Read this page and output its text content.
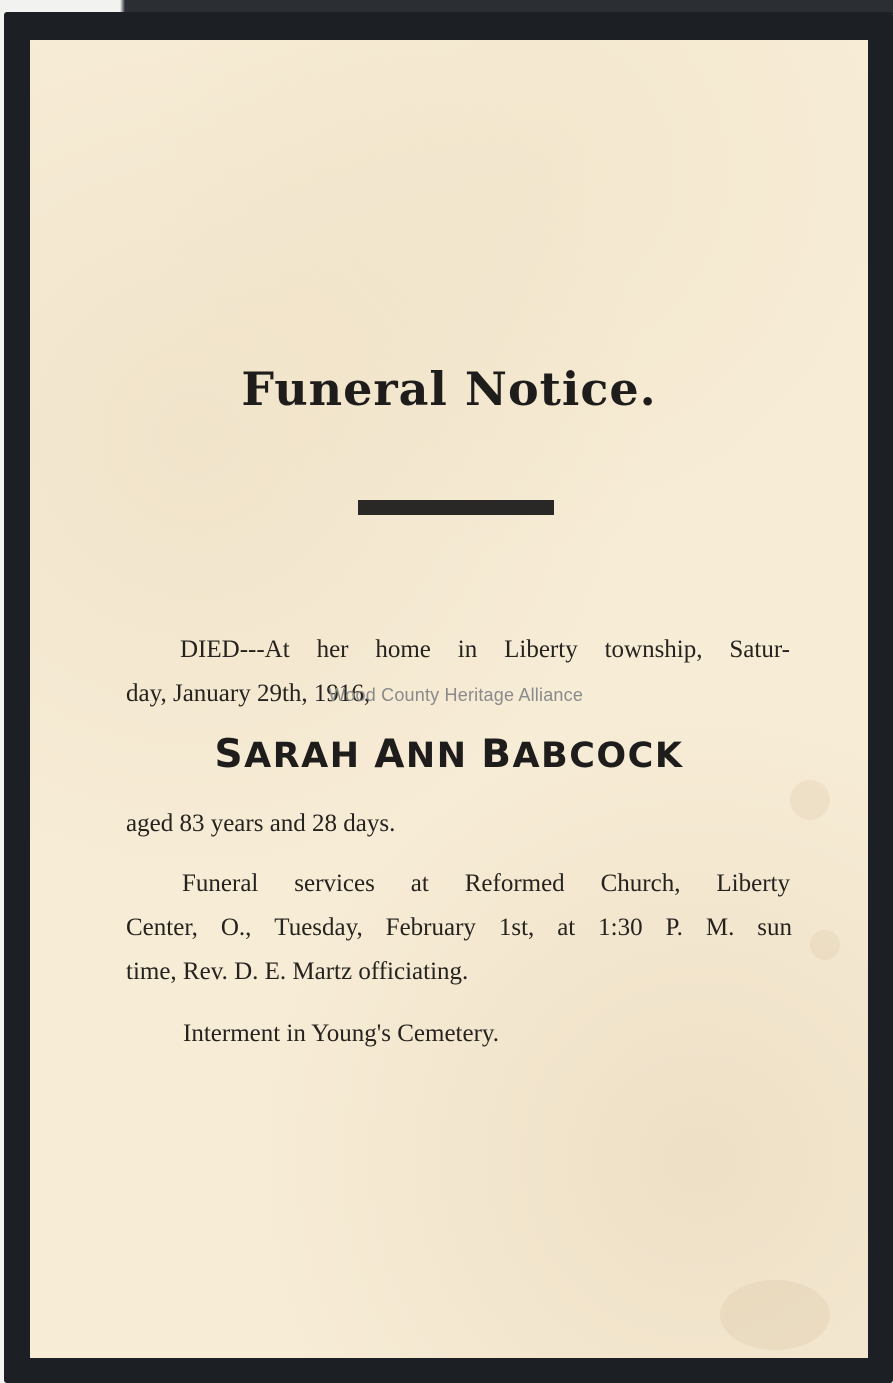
Funeral Notice.
DIED---At her home in Liberty township, Satur-
day, January 29th, 1916, Wood County Heritage Alliance
SARAH ANN BABCOCK
aged 83 years and 28 days.
Funeral services at Reformed Church, Liberty
Center, O., Tuesday, February 1st, at 1:30 P. M. sun
time, Rev. D. E. Martz officiating.
Interment in Young's Cemetery.
